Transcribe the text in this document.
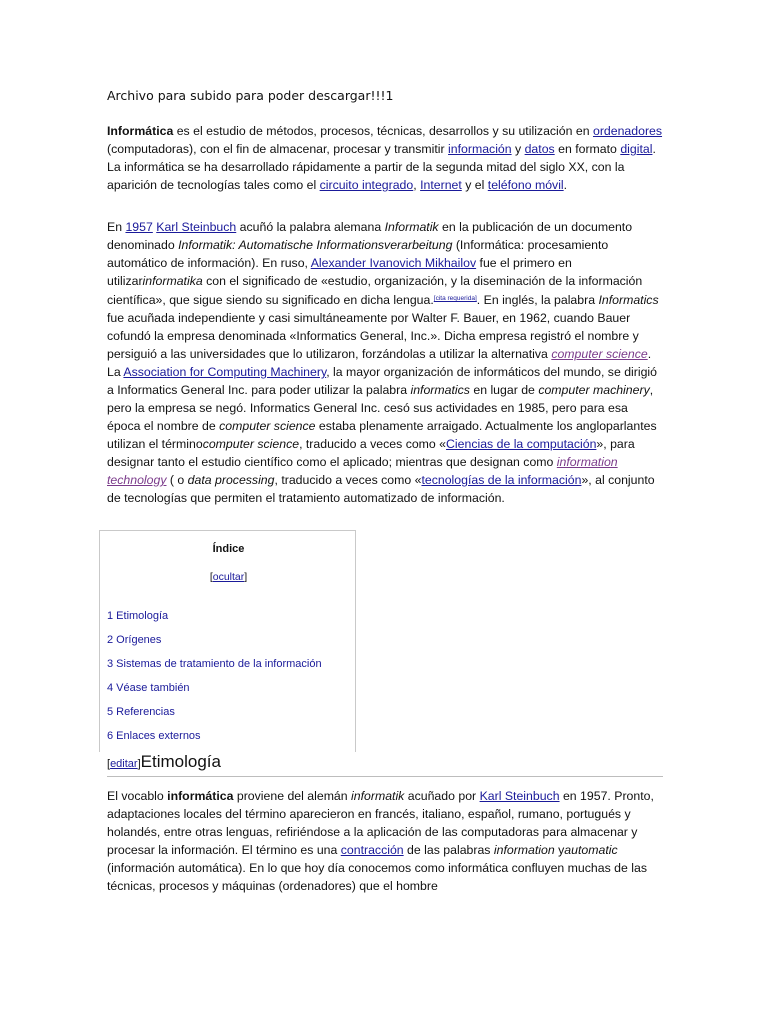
Archivo para subido para poder descargar!!!1

Informática es el estudio de métodos, procesos, técnicas, desarrollos y su utilización en ordenadores (computadoras), con el fin de almacenar, procesar y transmitir información y datos en formato digital. La informática se ha desarrollado rápidamente a partir de la segunda mitad del siglo XX, con la aparición de tecnologías tales como el circuito integrado, Internet y el teléfono móvil.

En 1957 Karl Steinbuch acuñó la palabra alemana Informatik en la publicación de un documento denominado Informatik: Automatische Informationsverarbeitung (Informática: procesamiento automático de información). En ruso, Alexander Ivanovich Mikhailov fue el primero en utilizarinformatika con el significado de «estudio, organización, y la diseminación de la información científica», que sigue siendo su significado en dicha lengua.[cita requerida]. En inglés, la palabra Informatics fue acuñada independiente y casi simultáneamente por Walter F. Bauer, en 1962, cuando Bauer cofundó la empresa denominada «Informatics General, Inc.». Dicha empresa registró el nombre y persiguió a las universidades que lo utilizaron, forzándolas a utilizar la alternativa computer science. La Association for Computing Machinery, la mayor organización de informáticos del mundo, se dirigió a Informatics General Inc. para poder utilizar la palabra informatics en lugar de computer machinery, pero la empresa se negó. Informatics General Inc. cesó sus actividades en 1985, pero para esa época el nombre de computer science estaba plenamente arraigado. Actualmente los angloparlantes utilizan el términocomputer science, traducido a veces como «Ciencias de la computación», para designar tanto el estudio científico como el aplicado; mientras que designan como information technology ( o data processing, traducido a veces como «tecnologías de la información», al conjunto de tecnologías que permiten el tratamiento automatizado de información.

Índice
[ocultar]
1 Etimología
2 Orígenes
3 Sistemas de tratamiento de la información
4 Véase también
5 Referencias
6 Enlaces externos
[editar]Etimología

El vocablo informática proviene del alemán informatik acuñado por Karl Steinbuch en 1957. Pronto, adaptaciones locales del término aparecieron en francés, italiano, español, rumano, portugués y holandés, entre otras lenguas, refiriéndose a la aplicación de las computadoras para almacenar y procesar la información. El término es una contracción de las palabras information yautomatic (información automática). En lo que hoy día conocemos como informática confluyen muchas de las técnicas, procesos y máquinas (ordenadores) que el hombre
